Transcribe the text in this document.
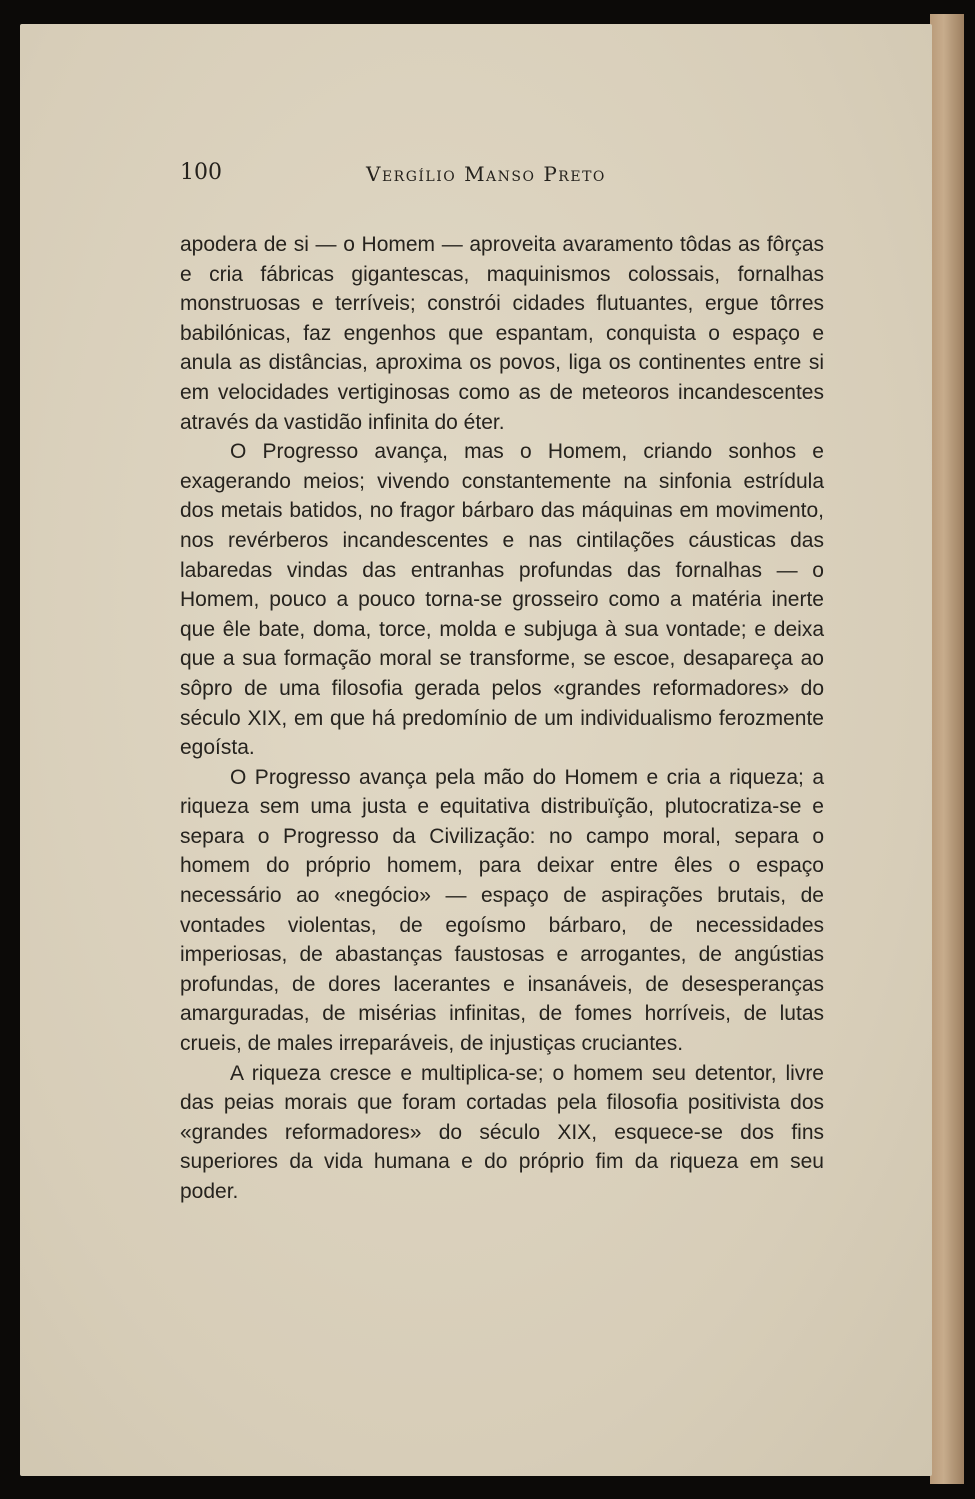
100	Vergílio Manso Preto

apodera de si — o Homem — aproveita avaramento tôdas as fôrças e cria fábricas gigantescas, maquinismos colossais, fornalhas monstruosas e terríveis; constrói cidades flutuantes, ergue tôrres babilónicas, faz engenhos que espantam, conquista o espaço e anula as distâncias, aproxima os povos, liga os continentes entre si em velocidades vertiginosas como as de meteoros incandescentes através da vastidão infinita do éter.

O Progresso avança, mas o Homem, criando sonhos e exagerando meios; vivendo constantemente na sinfonia estrídula dos metais batidos, no fragor bárbaro das máquinas em movimento, nos revérberos incandescentes e nas cintilações cáusticas das labaredas vindas das entranhas profundas das fornalhas — o Homem, pouco a pouco torna-se grosseiro como a matéria inerte que êle bate, doma, torce, molda e subjuga à sua vontade; e deixa que a sua formação moral se transforme, se escoe, desapareça ao sôpro de uma filosofia gerada pelos «grandes reformadores» do século XIX, em que há predomínio de um individualismo ferozmente egoísta.

O Progresso avança pela mão do Homem e cria a riqueza; a riqueza sem uma justa e equitativa distribuïção, plutocratiza-se e separa o Progresso da Civilização: no campo moral, separa o homem do próprio homem, para deixar entre êles o espaço necessário ao «negócio» — espaço de aspirações brutais, de vontades violentas, de egoísmo bárbaro, de necessidades imperiosas, de abastanças faustosas e arrogantes, de angústias profundas, de dores lacerantes e insanáveis, de desesperanças amarguradas, de misérias infinitas, de fomes horríveis, de lutas crueis, de males irreparáveis, de injustiças cruciantes.

A riqueza cresce e multiplica-se; o homem seu detentor, livre das peias morais que foram cortadas pela filosofia positivista dos «grandes reformadores» do século XIX, esquece-se dos fins superiores da vida humana e do próprio fim da riqueza em seu poder.
